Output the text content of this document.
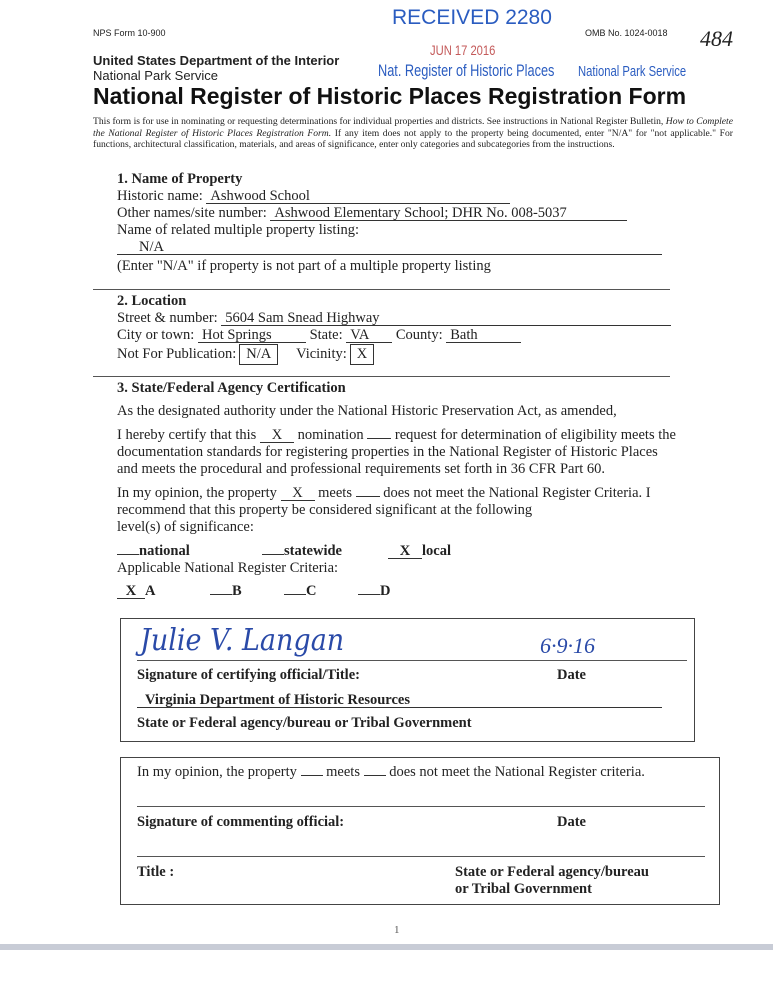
NPS Form 10-900
RECEIVED 2280
OMB No. 1024-0018 484
JUN 17 2016
United States Department of the Interior
National Park Service	Nat. Register of Historic Places National Park Service
National Register of Historic Places Registration Form
This form is for use in nominating or requesting determinations for individual properties and districts. See instructions in National Register Bulletin, How to Complete the National Register of Historic Places Registration Form. If any item does not apply to the property being documented, enter "N/A" for "not applicable." For functions, architectural classification, materials, and areas of significance, enter only categories and subcategories from the instructions.
1. Name of Property
Historic name: Ashwood School
Other names/site number: Ashwood Elementary School; DHR No. 008-5037
Name of related multiple property listing:
N/A
(Enter "N/A" if property is not part of a multiple property listing
2. Location
Street & number: 5604 Sam Snead Highway
City or town: Hot Springs	State: VA County: Bath
Not For Publication: N/A Vicinity: X
3. State/Federal Agency Certification
As the designated authority under the National Historic Preservation Act, as amended,
I hereby certify that this X nomination request for determination of eligibility meets the
documentation standards for registering properties in the National Register of Historic Places
and meets the procedural and professional requirements set forth in 36 CFR Part 60.
In my opinion, the property X meets does not meet the National Register Criteria. I
recommend that this property be considered significant at the following
level(s) of significance:
national	statewide	X local
Applicable National Register Criteria:
X A	B	C	D
Julie V. Langan	6·9·16
Signature of certifying official/Title:	Date
Virginia Department of Historic Resources
State or Federal agency/bureau or Tribal Government
In my opinion, the property meets does not meet the National Register criteria.
Signature of commenting official:	Date
Title :	State or Federal agency/bureau
or Tribal Government
1
